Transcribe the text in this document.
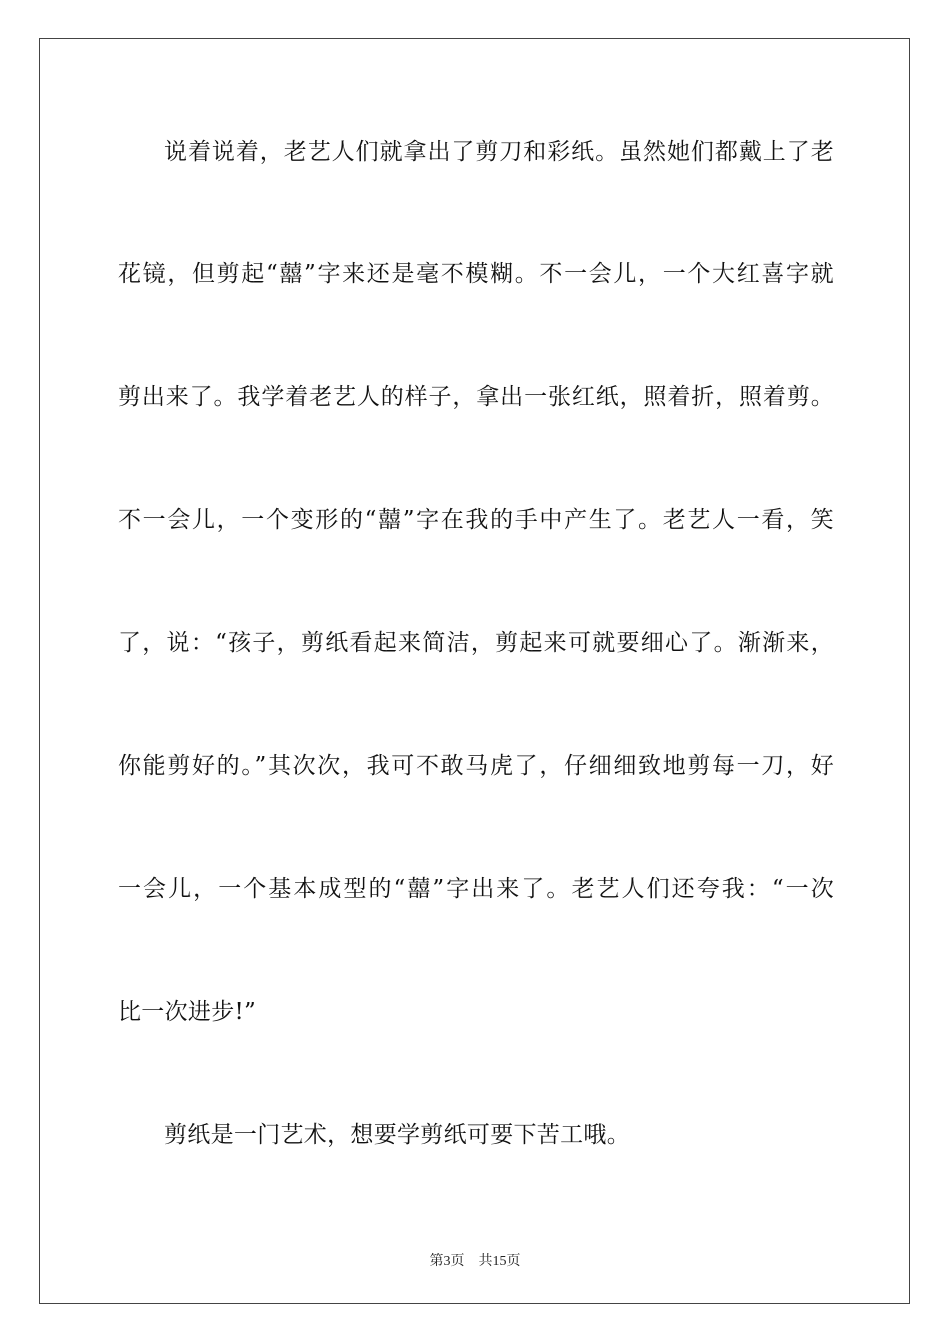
说着说着，老艺人们就拿出了剪刀和彩纸。虽然她们都戴上了老
花镜，但剪起“囍”字来还是毫不模糊。不一会儿，一个大红喜字就
剪出来了。我学着老艺人的样子，拿出一张红纸，照着折，照着剪。
不一会儿，一个变形的“囍”字在我的手中产生了。老艺人一看，笑
了，说：“孩子，剪纸看起来简洁，剪起来可就要细心了。渐渐来，
你能剪好的。”其次次，我可不敢马虎了，仔细细致地剪每一刀，好
一会儿，一个基本成型的“囍”字出来了。老艺人们还夸我：“一次
比一次进步!”
剪纸是一门艺术，想要学剪纸可要下苦工哦。
第3页 共15页
